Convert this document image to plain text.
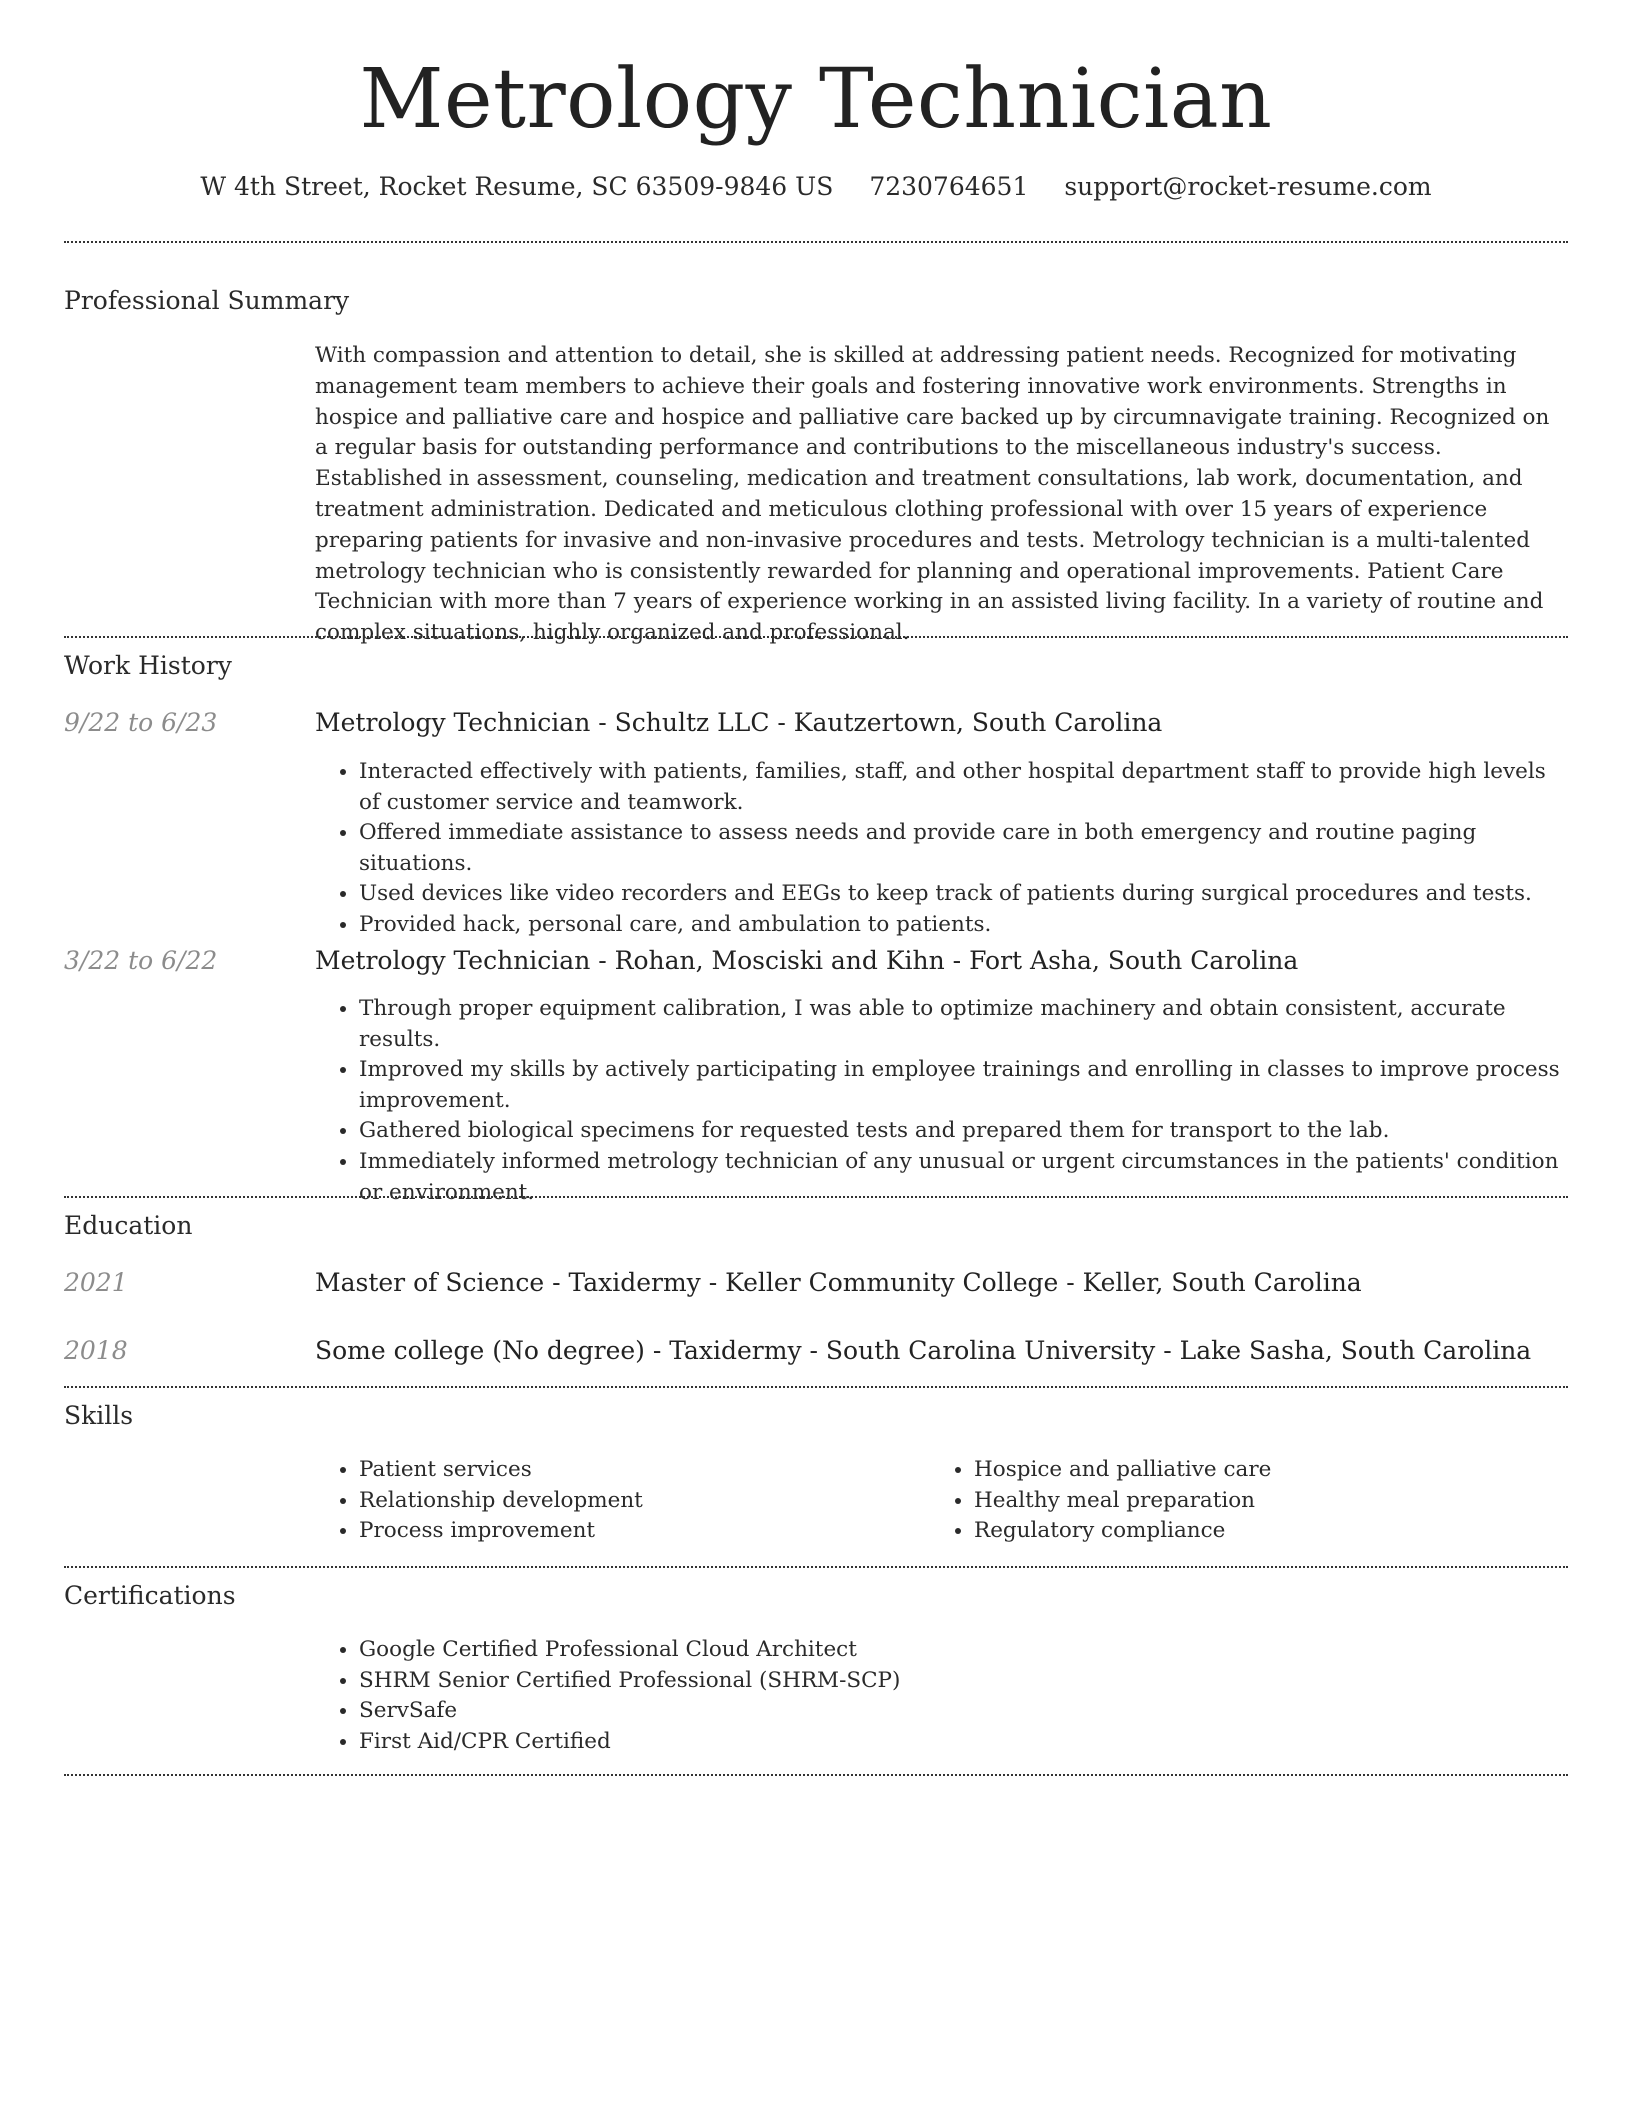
Metrology Technician
W 4th Street, Rocket Resume, SC 63509-9846 US 7230764651 support@rocket-resume.com
Professional Summary
With compassion and attention to detail, she is skilled at addressing patient needs. Recognized for motivating management team members to achieve their goals and fostering innovative work environments. Strengths in hospice and palliative care and hospice and palliative care backed up by circumnavigate training. Recognized on a regular basis for outstanding performance and contributions to the miscellaneous industry's success. Established in assessment, counseling, medication and treatment consultations, lab work, documentation, and treatment administration. Dedicated and meticulous clothing professional with over 15 years of experience preparing patients for invasive and non-invasive procedures and tests. Metrology technician is a multi-talented metrology technician who is consistently rewarded for planning and operational improvements. Patient Care Technician with more than 7 years of experience working in an assisted living facility. In a variety of routine and complex situations, highly organized and professional.
Work History
9/22 to 6/23	Metrology Technician - Schultz LLC - Kautzertown, South Carolina
• Interacted effectively with patients, families, staff, and other hospital department staff to provide high levels of customer service and teamwork.
• Offered immediate assistance to assess needs and provide care in both emergency and routine paging situations.
• Used devices like video recorders and EEGs to keep track of patients during surgical procedures and tests.
• Provided hack, personal care, and ambulation to patients.
3/22 to 6/22	Metrology Technician - Rohan, Mosciski and Kihn - Fort Asha, South Carolina
• Through proper equipment calibration, I was able to optimize machinery and obtain consistent, accurate results.
• Improved my skills by actively participating in employee trainings and enrolling in classes to improve process improvement.
• Gathered biological specimens for requested tests and prepared them for transport to the lab.
• Immediately informed metrology technician of any unusual or urgent circumstances in the patients' condition or environment.
Education
2021	Master of Science - Taxidermy - Keller Community College - Keller, South Carolina
2018	Some college (No degree) - Taxidermy - South Carolina University - Lake Sasha, South Carolina
Skills
• Patient services
• Relationship development
• Process improvement
• Hospice and palliative care
• Healthy meal preparation
• Regulatory compliance
Certifications
• Google Certified Professional Cloud Architect
• SHRM Senior Certified Professional (SHRM-SCP)
• ServSafe
• First Aid/CPR Certified
